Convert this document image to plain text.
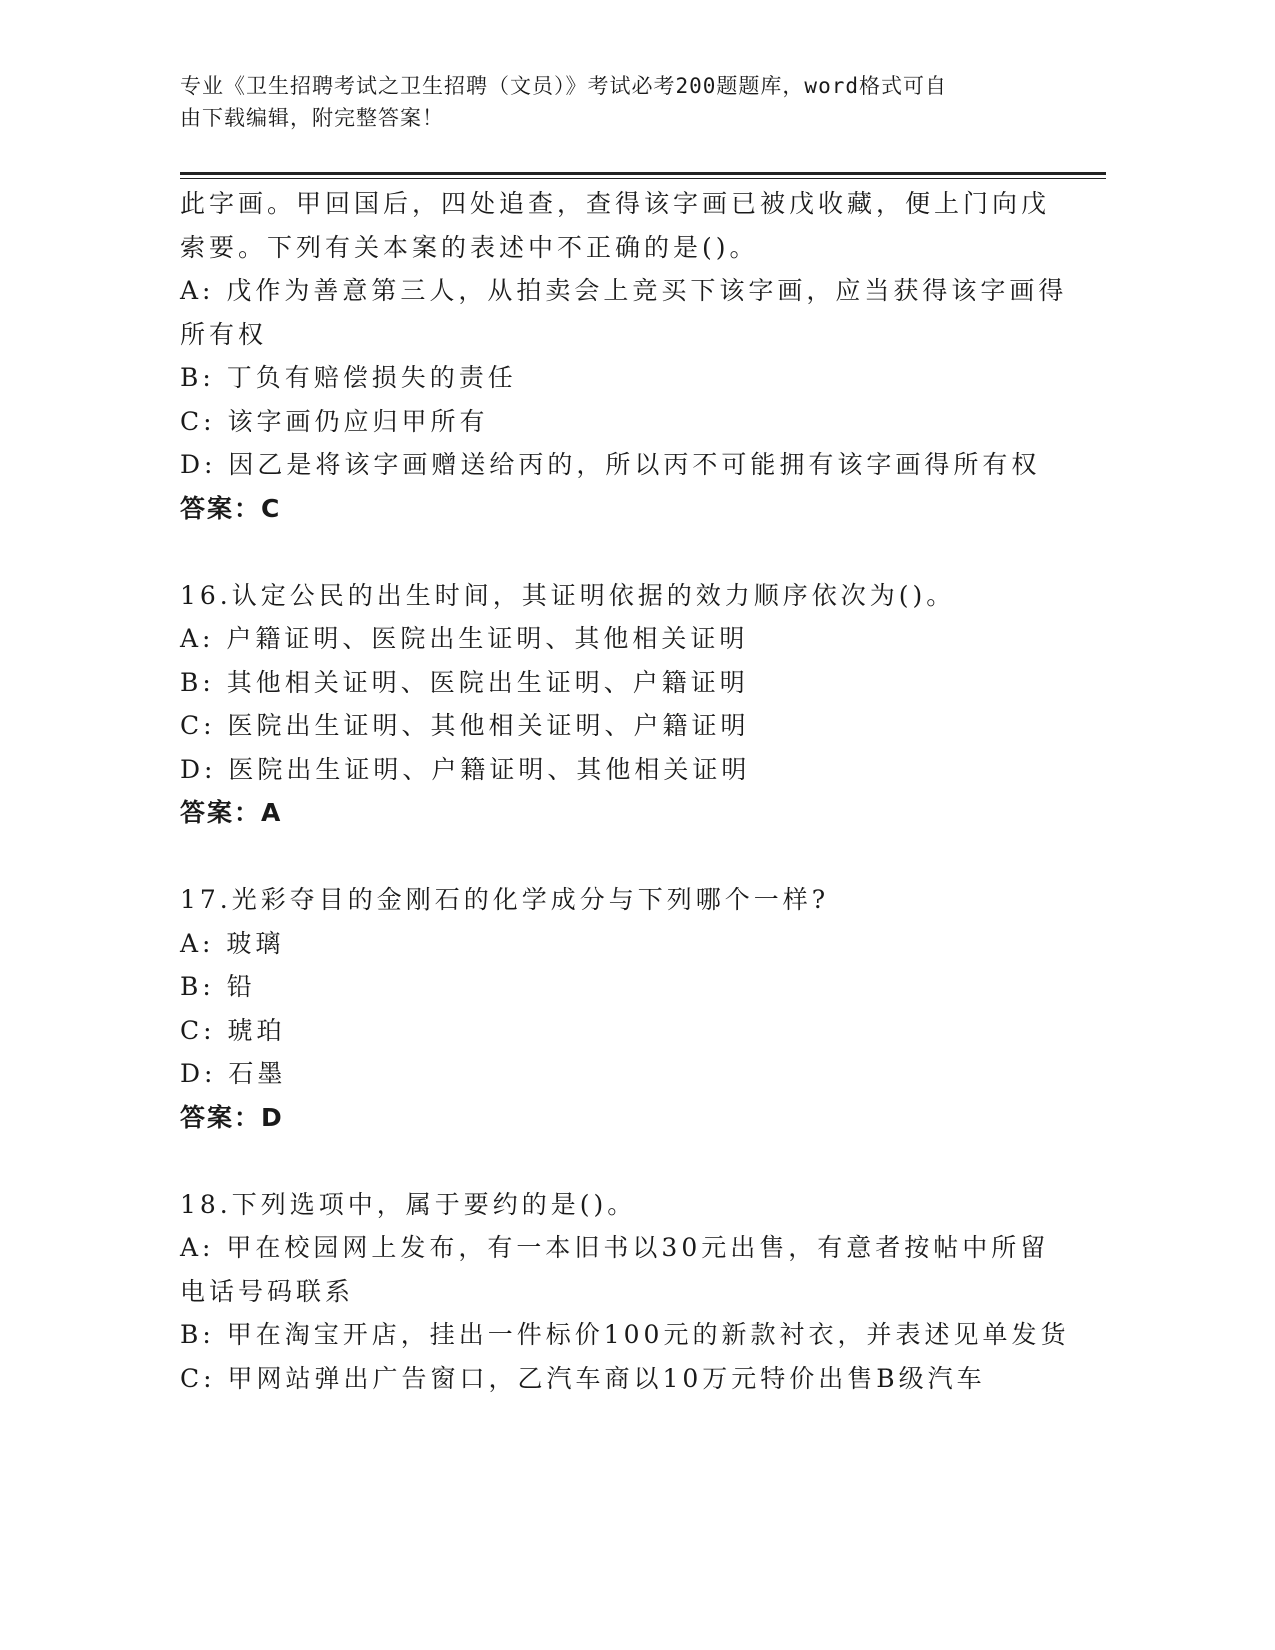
专业《卫生招聘考试之卫生招聘（文员）》考试必考200题题库，word格式可自
由下载编辑，附完整答案！
此字画。甲回国后，四处追查，查得该字画已被戊收藏，便上门向戊
索要。下列有关本案的表述中不正确的是()。
A: 戊作为善意第三人，从拍卖会上竞买下该字画，应当获得该字画得
所有权
B: 丁负有赔偿损失的责任
C: 该字画仍应归甲所有
D: 因乙是将该字画赠送给丙的，所以丙不可能拥有该字画得所有权
答案：C
16.认定公民的出生时间，其证明依据的效力顺序依次为()。
A: 户籍证明、医院出生证明、其他相关证明
B: 其他相关证明、医院出生证明、户籍证明
C: 医院出生证明、其他相关证明、户籍证明
D: 医院出生证明、户籍证明、其他相关证明
答案：A
17.光彩夺目的金刚石的化学成分与下列哪个一样?
A: 玻璃
B: 铅
C: 琥珀
D: 石墨
答案：D
18.下列选项中，属于要约的是()。
A: 甲在校园网上发布，有一本旧书以30元出售，有意者按帖中所留
电话号码联系
B: 甲在淘宝开店，挂出一件标价100元的新款衬衣，并表述见单发货
C: 甲网站弹出广告窗口，乙汽车商以10万元特价出售B级汽车
